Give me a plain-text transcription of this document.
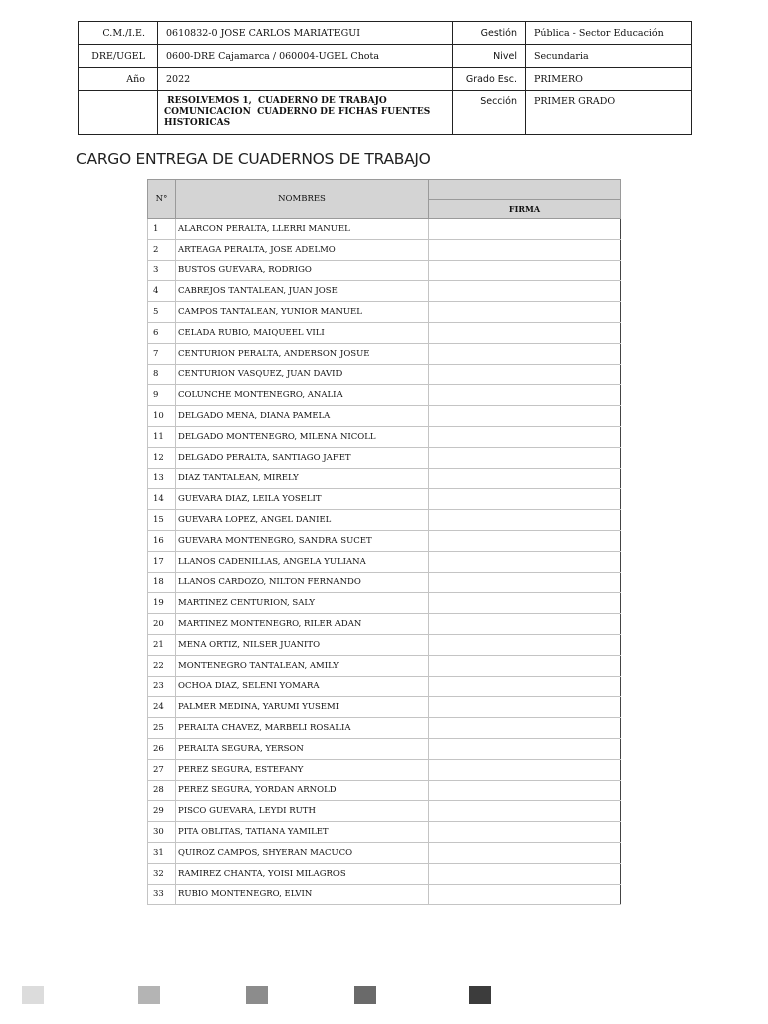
C.M./I.E.	0610832-0 JOSE CARLOS MARIATEGUI	Gestión	Pública - Sector Educación
DRE/UGEL	0600-DRE Cajamarca / 060004-UGEL Chota	Nivel	Secundaria
Año	2022	Grado Esc.	PRIMERO

	RESOLVEMOS 1,  CUADERNO DE TRABAJO
COMUNICACION  CUADERNO DE FICHAS FUENTES
HISTORICAS	Sección	PRIMER GRADO
CARGO ENTREGA DE CUADERNOS DE TRABAJO
N°	NOMBRES	
		FIRMA
1	ALARCON PERALTA, LLERRI MANUEL	
2	ARTEAGA PERALTA, JOSE ADELMO	
3	BUSTOS GUEVARA, RODRIGO	
4	CABREJOS TANTALEAN, JUAN JOSE	
5	CAMPOS TANTALEAN, YUNIOR MANUEL	
6	CELADA RUBIO, MAIQUEEL VILI	
7	CENTURION PERALTA, ANDERSON JOSUE	
8	CENTURION VASQUEZ, JUAN DAVID	
9	COLUNCHE MONTENEGRO, ANALIA	
10	DELGADO MENA, DIANA PAMELA	
11	DELGADO MONTENEGRO, MILENA NICOLL	
12	DELGADO PERALTA, SANTIAGO JAFET	
13	DIAZ TANTALEAN, MIRELY	
14	GUEVARA DIAZ, LEILA YOSELIT	
15	GUEVARA LOPEZ, ANGEL DANIEL	
16	GUEVARA MONTENEGRO, SANDRA SUCET	
17	LLANOS CADENILLAS, ANGELA YULIANA	
18	LLANOS CARDOZO, NILTON FERNANDO	
19	MARTINEZ CENTURION, SALY	
20	MARTINEZ MONTENEGRO, RILER ADAN	
21	MENA ORTIZ, NILSER JUANITO	
22	MONTENEGRO TANTALEAN, AMILY	
23	OCHOA DIAZ, SELENI YOMARA	
24	PALMER MEDINA, YARUMI YUSEMI	
25	PERALTA CHAVEZ, MARBELI ROSALIA	
26	PERALTA SEGURA, YERSON	
27	PEREZ SEGURA, ESTEFANY	
28	PEREZ SEGURA, YORDAN ARNOLD	
29	PISCO GUEVARA, LEYDI RUTH	
30	PITA OBLITAS, TATIANA YAMILET	
31	QUIROZ CAMPOS, SHYERAN MACUCO	
32	RAMIREZ CHANTA, YOISI MILAGROS	
33	RUBIO MONTENEGRO, ELVIN	
